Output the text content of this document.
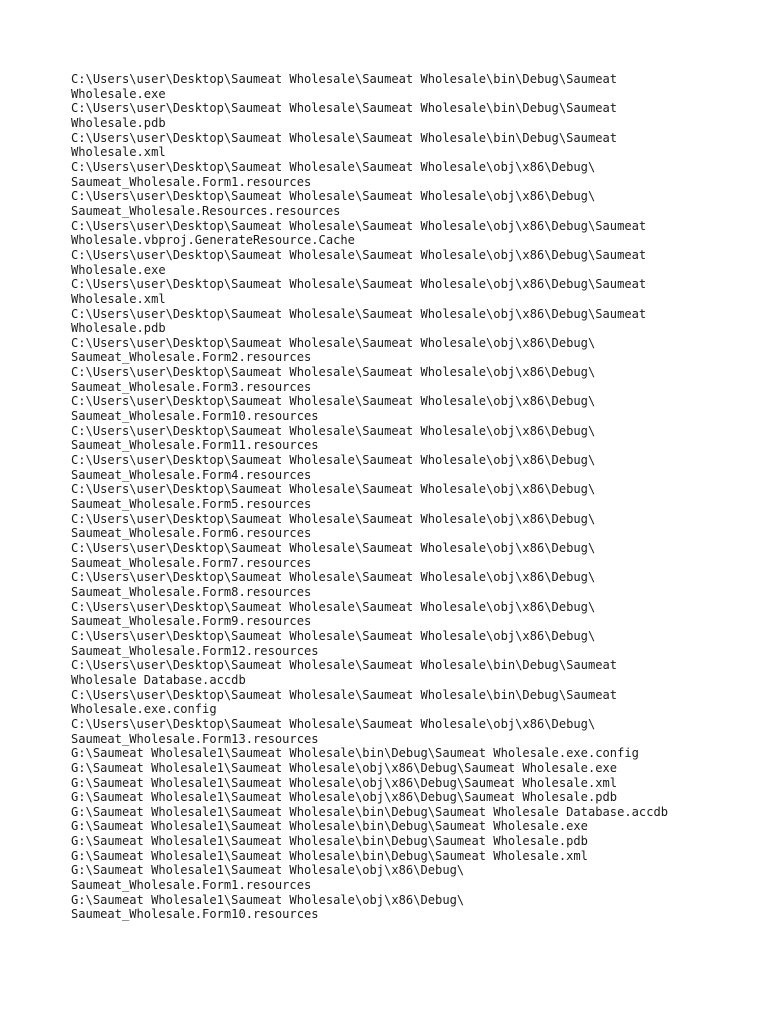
C:\Users\user\Desktop\Saumeat Wholesale\Saumeat Wholesale\bin\Debug\Saumeat
Wholesale.exe
C:\Users\user\Desktop\Saumeat Wholesale\Saumeat Wholesale\bin\Debug\Saumeat
Wholesale.pdb
C:\Users\user\Desktop\Saumeat Wholesale\Saumeat Wholesale\bin\Debug\Saumeat
Wholesale.xml
C:\Users\user\Desktop\Saumeat Wholesale\Saumeat Wholesale\obj\x86\Debug\
Saumeat_Wholesale.Form1.resources
C:\Users\user\Desktop\Saumeat Wholesale\Saumeat Wholesale\obj\x86\Debug\
Saumeat_Wholesale.Resources.resources
C:\Users\user\Desktop\Saumeat Wholesale\Saumeat Wholesale\obj\x86\Debug\Saumeat
Wholesale.vbproj.GenerateResource.Cache
C:\Users\user\Desktop\Saumeat Wholesale\Saumeat Wholesale\obj\x86\Debug\Saumeat
Wholesale.exe
C:\Users\user\Desktop\Saumeat Wholesale\Saumeat Wholesale\obj\x86\Debug\Saumeat
Wholesale.xml
C:\Users\user\Desktop\Saumeat Wholesale\Saumeat Wholesale\obj\x86\Debug\Saumeat
Wholesale.pdb
C:\Users\user\Desktop\Saumeat Wholesale\Saumeat Wholesale\obj\x86\Debug\
Saumeat_Wholesale.Form2.resources
C:\Users\user\Desktop\Saumeat Wholesale\Saumeat Wholesale\obj\x86\Debug\
Saumeat_Wholesale.Form3.resources
C:\Users\user\Desktop\Saumeat Wholesale\Saumeat Wholesale\obj\x86\Debug\
Saumeat_Wholesale.Form10.resources
C:\Users\user\Desktop\Saumeat Wholesale\Saumeat Wholesale\obj\x86\Debug\
Saumeat_Wholesale.Form11.resources
C:\Users\user\Desktop\Saumeat Wholesale\Saumeat Wholesale\obj\x86\Debug\
Saumeat_Wholesale.Form4.resources
C:\Users\user\Desktop\Saumeat Wholesale\Saumeat Wholesale\obj\x86\Debug\
Saumeat_Wholesale.Form5.resources
C:\Users\user\Desktop\Saumeat Wholesale\Saumeat Wholesale\obj\x86\Debug\
Saumeat_Wholesale.Form6.resources
C:\Users\user\Desktop\Saumeat Wholesale\Saumeat Wholesale\obj\x86\Debug\
Saumeat_Wholesale.Form7.resources
C:\Users\user\Desktop\Saumeat Wholesale\Saumeat Wholesale\obj\x86\Debug\
Saumeat_Wholesale.Form8.resources
C:\Users\user\Desktop\Saumeat Wholesale\Saumeat Wholesale\obj\x86\Debug\
Saumeat_Wholesale.Form9.resources
C:\Users\user\Desktop\Saumeat Wholesale\Saumeat Wholesale\obj\x86\Debug\
Saumeat_Wholesale.Form12.resources
C:\Users\user\Desktop\Saumeat Wholesale\Saumeat Wholesale\bin\Debug\Saumeat
Wholesale Database.accdb
C:\Users\user\Desktop\Saumeat Wholesale\Saumeat Wholesale\bin\Debug\Saumeat
Wholesale.exe.config
C:\Users\user\Desktop\Saumeat Wholesale\Saumeat Wholesale\obj\x86\Debug\
Saumeat_Wholesale.Form13.resources
G:\Saumeat Wholesale1\Saumeat Wholesale\bin\Debug\Saumeat Wholesale.exe.config
G:\Saumeat Wholesale1\Saumeat Wholesale\obj\x86\Debug\Saumeat Wholesale.exe
G:\Saumeat Wholesale1\Saumeat Wholesale\obj\x86\Debug\Saumeat Wholesale.xml
G:\Saumeat Wholesale1\Saumeat Wholesale\obj\x86\Debug\Saumeat Wholesale.pdb
G:\Saumeat Wholesale1\Saumeat Wholesale\bin\Debug\Saumeat Wholesale Database.accdb
G:\Saumeat Wholesale1\Saumeat Wholesale\bin\Debug\Saumeat Wholesale.exe
G:\Saumeat Wholesale1\Saumeat Wholesale\bin\Debug\Saumeat Wholesale.pdb
G:\Saumeat Wholesale1\Saumeat Wholesale\bin\Debug\Saumeat Wholesale.xml
G:\Saumeat Wholesale1\Saumeat Wholesale\obj\x86\Debug\
Saumeat_Wholesale.Form1.resources
G:\Saumeat Wholesale1\Saumeat Wholesale\obj\x86\Debug\
Saumeat_Wholesale.Form10.resources
